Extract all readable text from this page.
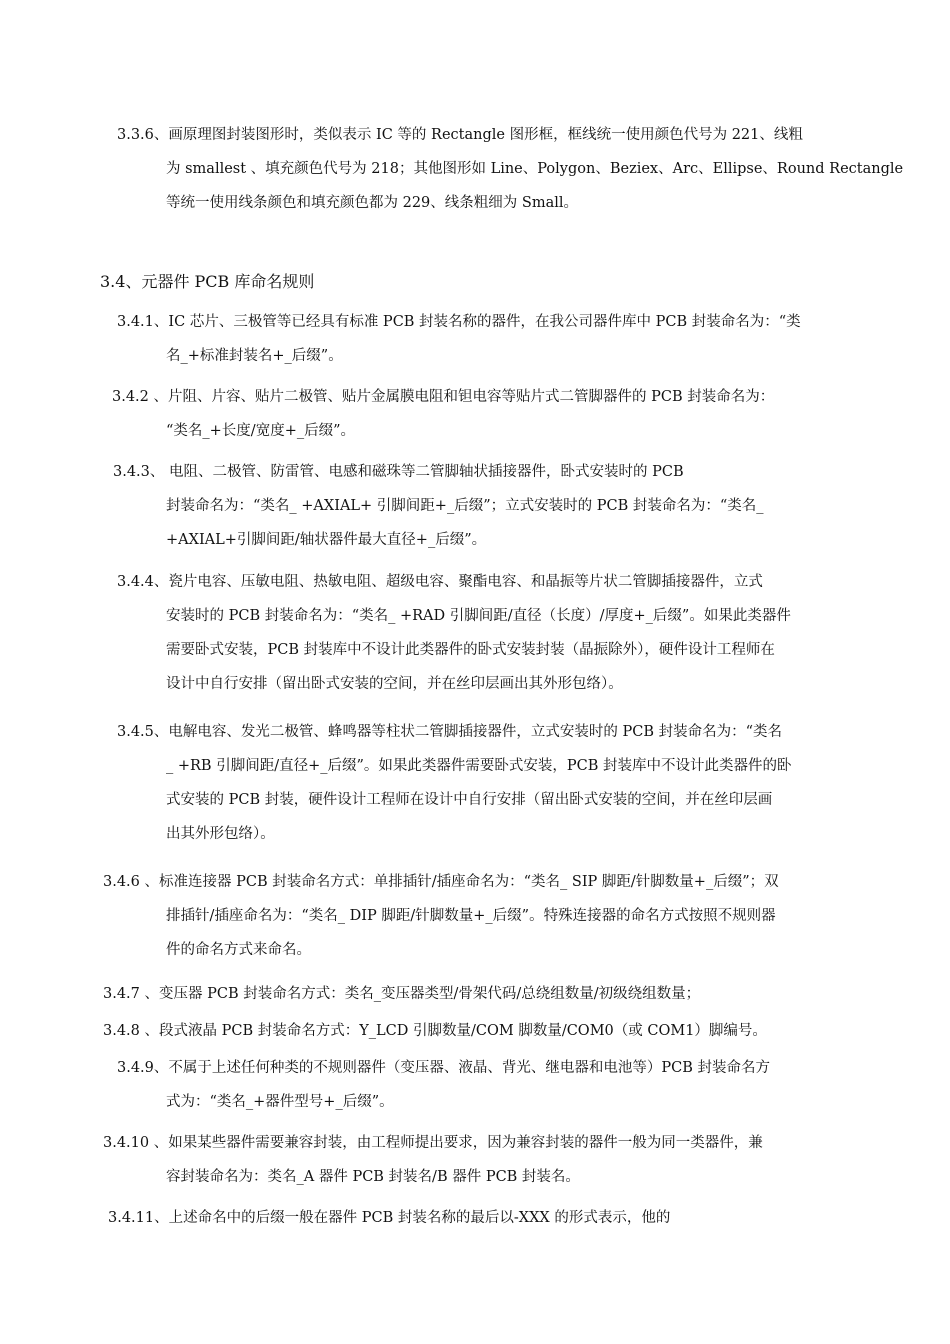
3.3.6、画原理图封装图形时，类似表示 IC 等的 Rectangle 图形框，框线统一使用颜色代号为 221、线粗
为 smallest 、填充颜色代号为 218；其他图形如 Line、Polygon、Beziex、Arc、Ellipse、Round Rectangle
等统一使用线条颜色和填充颜色都为 229、线条粗细为 Small。
3.4、元器件 PCB 库命名规则
3.4.1、IC 芯片、三极管等已经具有标准 PCB 封装名称的器件，在我公司器件库中 PCB 封装命名为：“类
名_+标准封装名+_后缀”。
3.4.2 、片阻、片容、贴片二极管、贴片金属膜电阻和钽电容等贴片式二管脚器件的 PCB 封装命名为：
“类名_+长度/宽度+_后缀”。
3.4.3、 电阻、二极管、防雷管、电感和磁珠等二管脚轴状插接器件，卧式安装时的 PCB
封装命名为：“类名_ +AXIAL+ 引脚间距+_后缀”；立式安装时的 PCB 封装命名为：“类名_
+AXIAL+引脚间距/轴状器件最大直径+_后缀”。
3.4.4、瓷片电容、压敏电阻、热敏电阻、超级电容、聚酯电容、和晶振等片状二管脚插接器件，立式
安装时的 PCB 封装命名为：“类名_ +RAD 引脚间距/直径（长度）/厚度+_后缀”。如果此类器件
需要卧式安装，PCB 封装库中不设计此类器件的卧式安装封装（晶振除外），硬件设计工程师在
设计中自行安排（留出卧式安装的空间，并在丝印层画出其外形包络）。
3.4.5、电解电容、发光二极管、蜂鸣器等柱状二管脚插接器件，立式安装时的 PCB 封装命名为：“类名
_ +RB 引脚间距/直径+_后缀”。如果此类器件需要卧式安装，PCB 封装库中不设计此类器件的卧
式安装的 PCB 封装，硬件设计工程师在设计中自行安排（留出卧式安装的空间，并在丝印层画
出其外形包络）。
3.4.6 、标准连接器 PCB 封装命名方式：单排插针/插座命名为：“类名_ SIP 脚距/针脚数量+_后缀”；双
排插针/插座命名为：“类名_ DIP 脚距/针脚数量+_后缀”。特殊连接器的命名方式按照不规则器
件的命名方式来命名。
3.4.7 、变压器 PCB 封装命名方式：类名_变压器类型/骨架代码/总绕组数量/初级绕组数量；
3.4.8 、段式液晶 PCB 封装命名方式：Y_LCD 引脚数量/COM 脚数量/COM0（或 COM1）脚编号。
3.4.9、不属于上述任何种类的不规则器件（变压器、液晶、背光、继电器和电池等）PCB 封装命名方
式为：“类名_+器件型号+_后缀”。
3.4.10 、如果某些器件需要兼容封装，由工程师提出要求，因为兼容封装的器件一般为同一类器件，兼
容封装命名为：类名_A 器件 PCB 封装名/B 器件 PCB 封装名。
3.4.11、上述命名中的后缀一般在器件 PCB 封装名称的最后以-XXX 的形式表示，他的
